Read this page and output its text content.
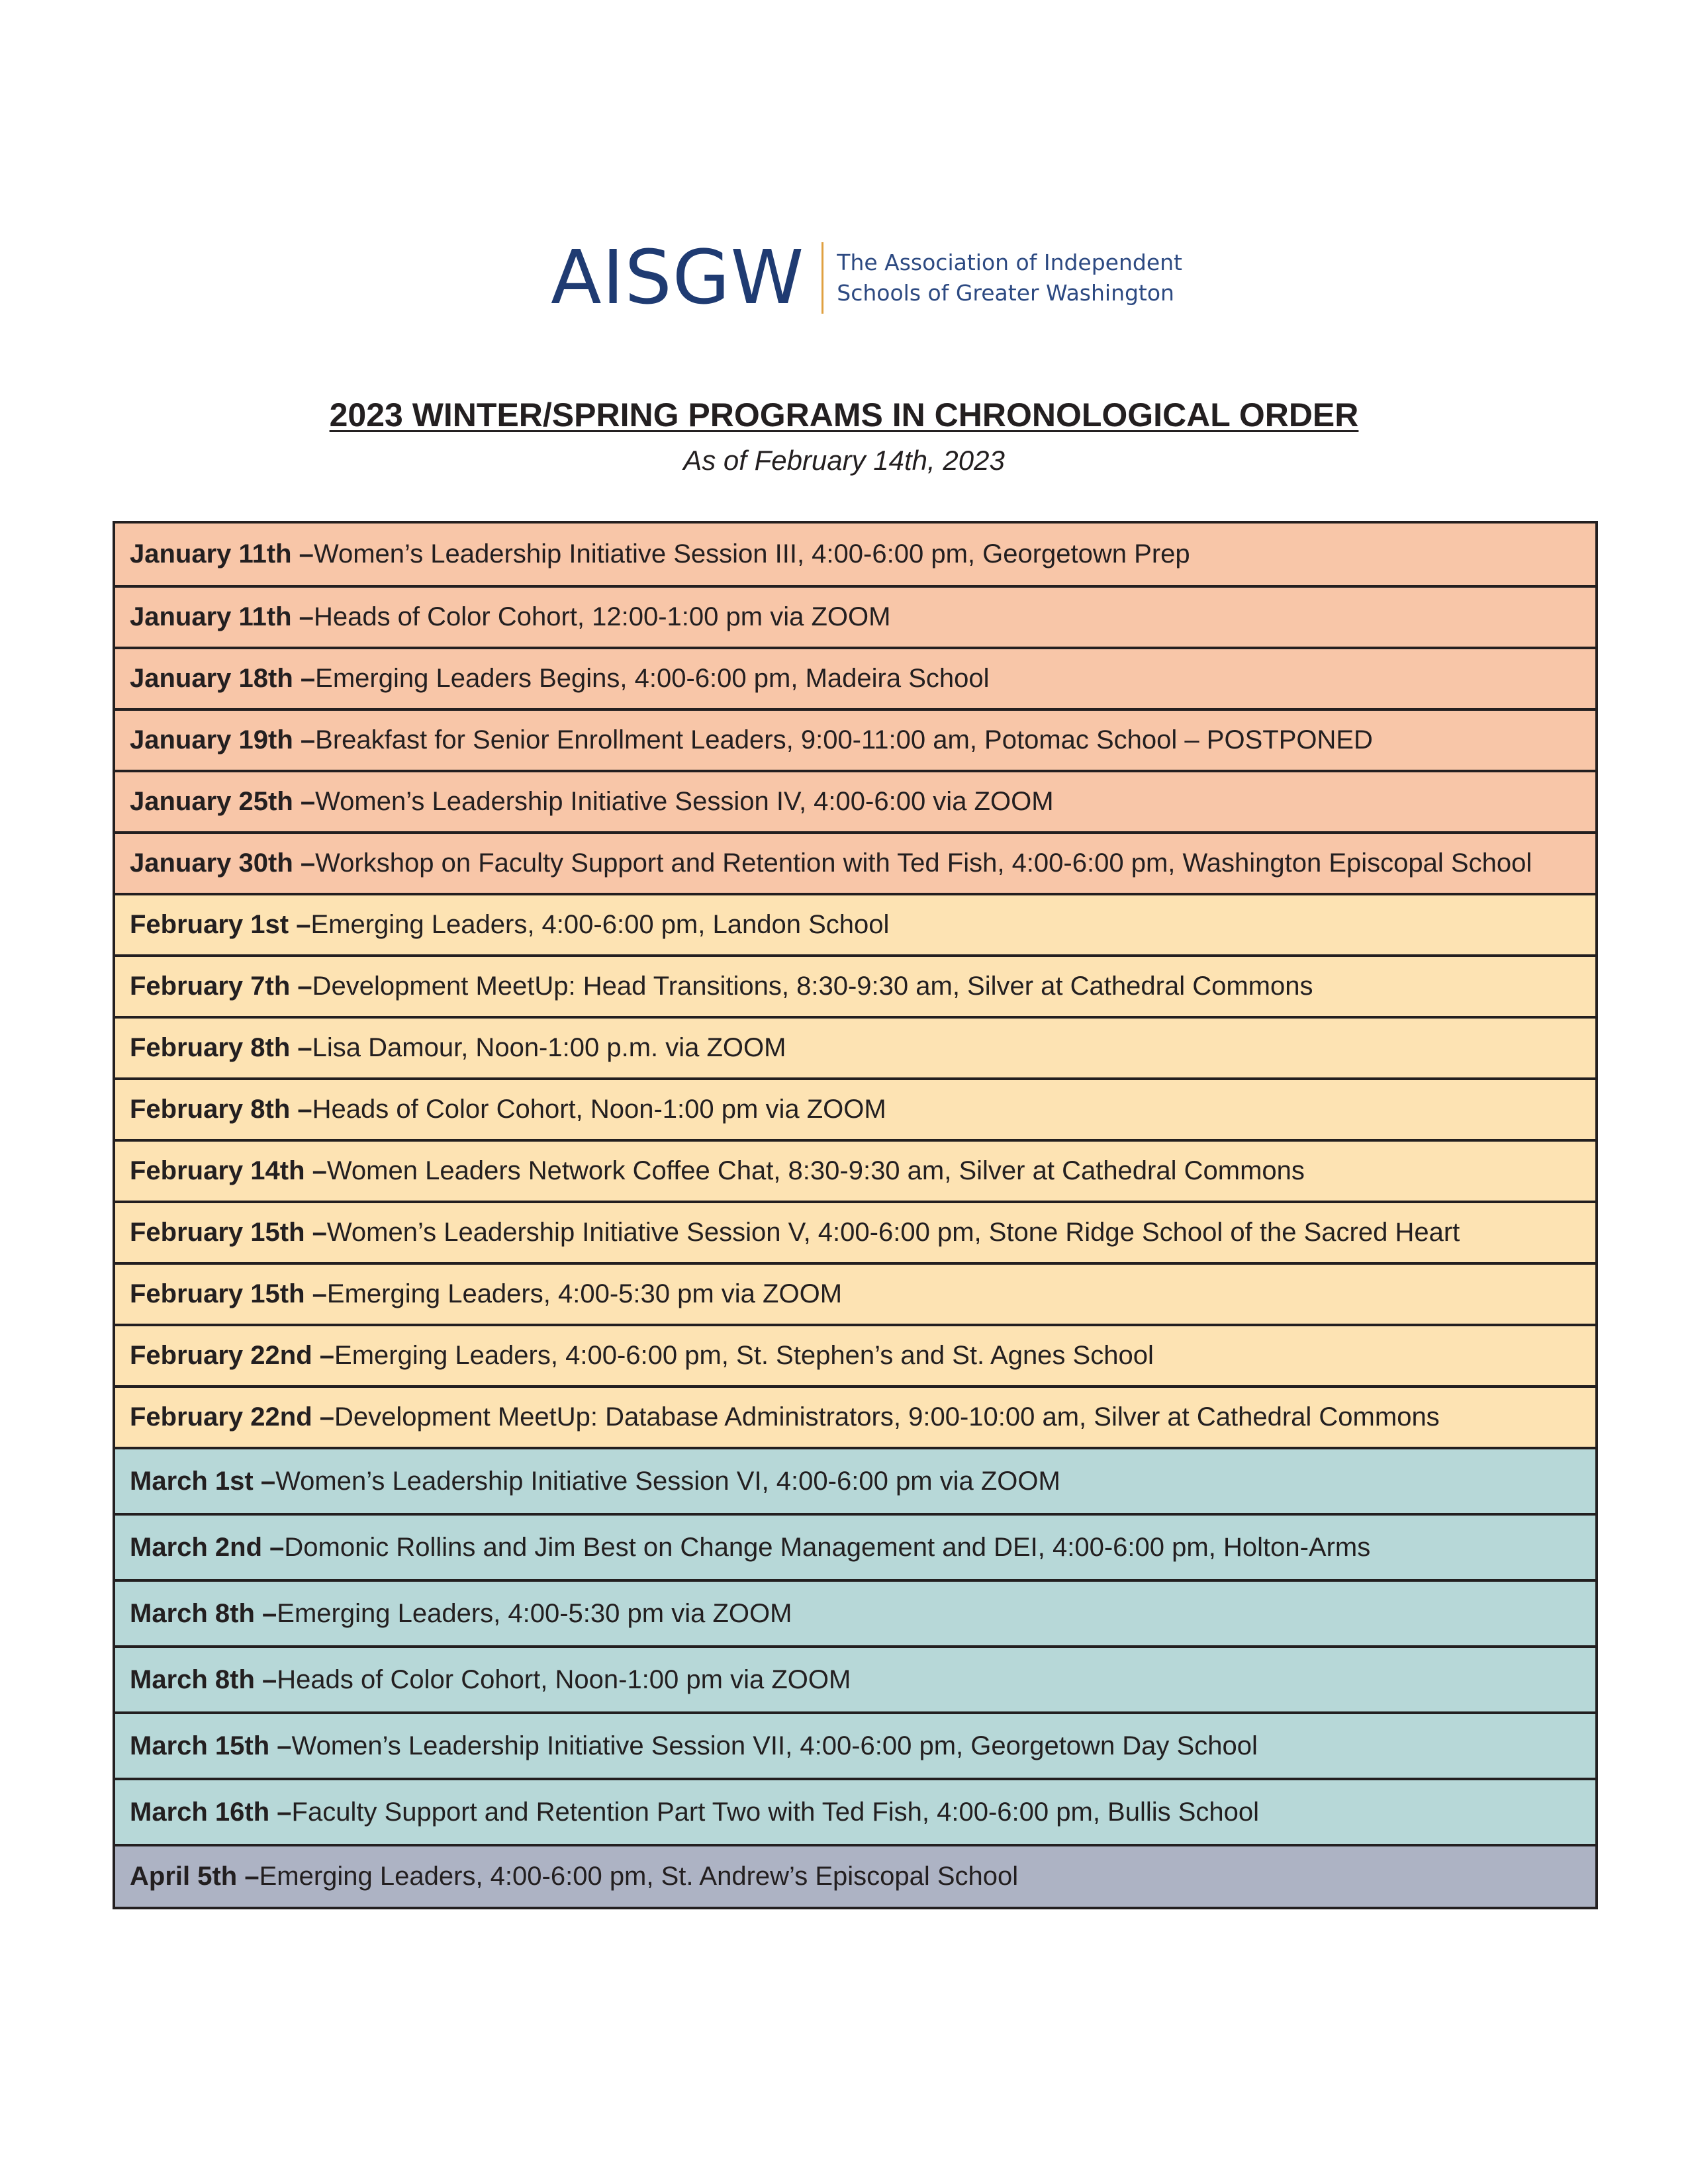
AISGW The Association of Independent
Schools of Greater Washington
2023 WINTER/SPRING PROGRAMS IN CHRONOLOGICAL ORDER
As of February 14th, 2023
January 11th – Women’s Leadership Initiative Session III, 4:00-6:00 pm, Georgetown Prep
January 11th – Heads of Color Cohort, 12:00-1:00 pm via ZOOM
January 18th – Emerging Leaders Begins, 4:00-6:00 pm, Madeira School
January 19th – Breakfast for Senior Enrollment Leaders, 9:00-11:00 am, Potomac School – POSTPONED
January 25th – Women’s Leadership Initiative Session IV, 4:00-6:00 via ZOOM
January 30th – Workshop on Faculty Support and Retention with Ted Fish, 4:00-6:00 pm, Washington Episcopal School
February 1st – Emerging Leaders, 4:00-6:00 pm, Landon School
February 7th – Development MeetUp: Head Transitions, 8:30-9:30 am, Silver at Cathedral Commons
February 8th – Lisa Damour, Noon-1:00 p.m. via ZOOM
February 8th – Heads of Color Cohort, Noon-1:00 pm via ZOOM
February 14th – Women Leaders Network Coffee Chat, 8:30-9:30 am, Silver at Cathedral Commons
February 15th – Women’s Leadership Initiative Session V, 4:00-6:00 pm, Stone Ridge School of the Sacred Heart
February 15th – Emerging Leaders, 4:00-5:30 pm via ZOOM
February 22nd – Emerging Leaders, 4:00-6:00 pm, St. Stephen’s and St. Agnes School
February 22nd – Development MeetUp: Database Administrators, 9:00-10:00 am, Silver at Cathedral Commons
March 1st – Women’s Leadership Initiative Session VI, 4:00-6:00 pm via ZOOM
March 2nd – Domonic Rollins and Jim Best on Change Management and DEI, 4:00-6:00 pm, Holton-Arms
March 8th – Emerging Leaders, 4:00-5:30 pm via ZOOM
March 8th – Heads of Color Cohort, Noon-1:00 pm via ZOOM
March 15th – Women’s Leadership Initiative Session VII, 4:00-6:00 pm, Georgetown Day School
March 16th – Faculty Support and Retention Part Two with Ted Fish, 4:00-6:00 pm, Bullis School
April 5th – Emerging Leaders, 4:00-6:00 pm, St. Andrew’s Episcopal School
